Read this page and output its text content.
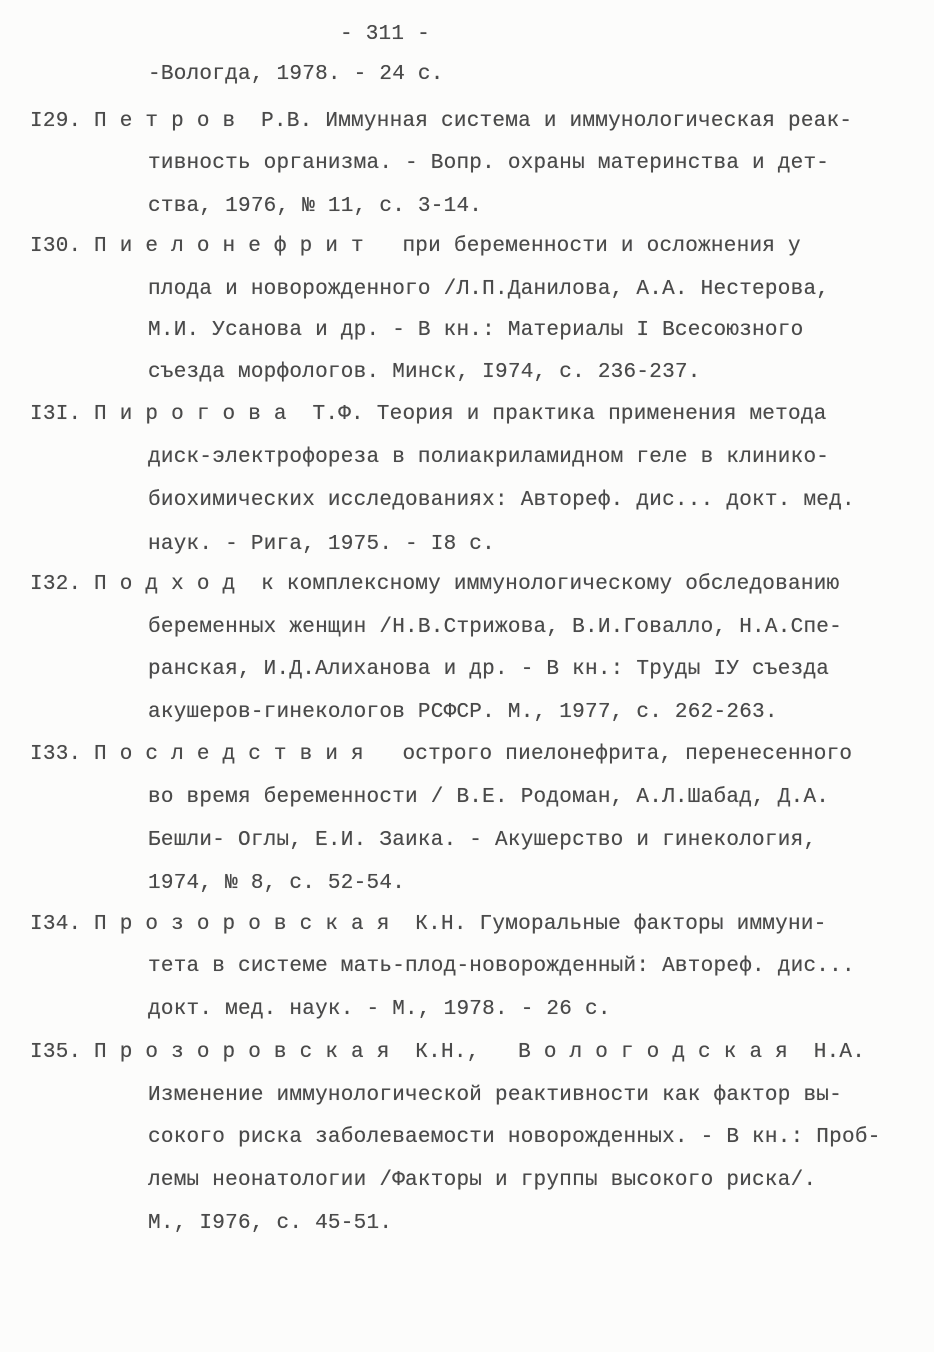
- 311 -
-Вологда, 1978. - 24 с.
I29. П е т р о в  Р.В. Иммунная система и иммунологическая реак-
тивность организма. - Вопр. охраны материнства и дет-
ства, 1976, № 11, с. 3-14.
I30. П и е л о н е ф р и т   при беременности и осложнения у
плода и новорожденного /Л.П.Данилова, А.А. Нестерова,
М.И. Усанова и др. - В кн.: Материалы I Всесоюзного
съезда морфологов. Минск, I974, с. 236-237.
I3I. П и р о г о в а  Т.Ф. Теория и практика применения метода
диск-электрофореза в полиакриламидном геле в клинико-
биохимических исследованиях: Автореф. дис... докт. мед.
наук. - Рига, 1975. - I8 с.
I32. П о д х о д  к комплексному иммунологическому обследованию
беременных женщин /Н.В.Стрижова, В.И.Говалло, Н.А.Спе-
ранская, И.Д.Алиханова и др. - В кн.: Труды IУ съезда
акушеров-гинекологов РСФСР. М., 1977, с. 262-263.
I33. П о с л е д с т в и я   острого пиелонефрита, перенесенного
во время беременности / В.Е. Родоман, А.Л.Шабад, Д.А.
Бешли- Оглы, Е.И. Заика. - Акушерство и гинекология,
1974, № 8, с. 52-54.
I34. П р о з о р о в с к а я  К.Н. Гуморальные факторы иммуни-
тета в системе мать-плод-новорожденный: Автореф. дис...
докт. мед. наук. - М., 1978. - 26 с.
I35. П р о з о р о в с к а я  К.Н.,   В о л о г о д с к а я  Н.А.
Изменение иммунологической реактивности как фактор вы-
сокого риска заболеваемости новорожденных. - В кн.: Проб-
лемы неонатологии /Факторы и группы высокого риска/.
М., I976, с. 45-51.
